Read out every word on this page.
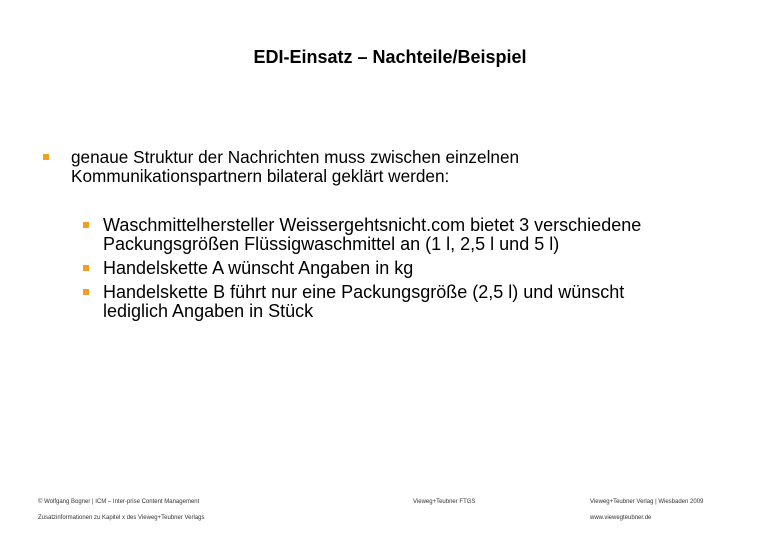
EDI-Einsatz – Nachteile/Beispiel
genaue Struktur der Nachrichten muss zwischen einzelnen
Kommunikationspartnern bilateral geklärt werden:
Waschmittelhersteller Weissergehtsnicht.com bietet 3 verschiedene
Packungsgrößen Flüssigwaschmittel an (1 l, 2,5 l und 5 l)
Handelskette A wünscht Angaben in kg
Handelskette B führt nur eine Packungsgröße (2,5 l) und wünscht
lediglich Angaben in Stück
© Wolfgang Bogner | ICM – Inter-prise Content Management
Zusatzinformationen zu Kapitel x des Vieweg+Teubner Verlags
Vieweg+Teubner FTGS	Vieweg+Teubner Verlag | Wiesbaden 2009
www.viewegteubner.de
